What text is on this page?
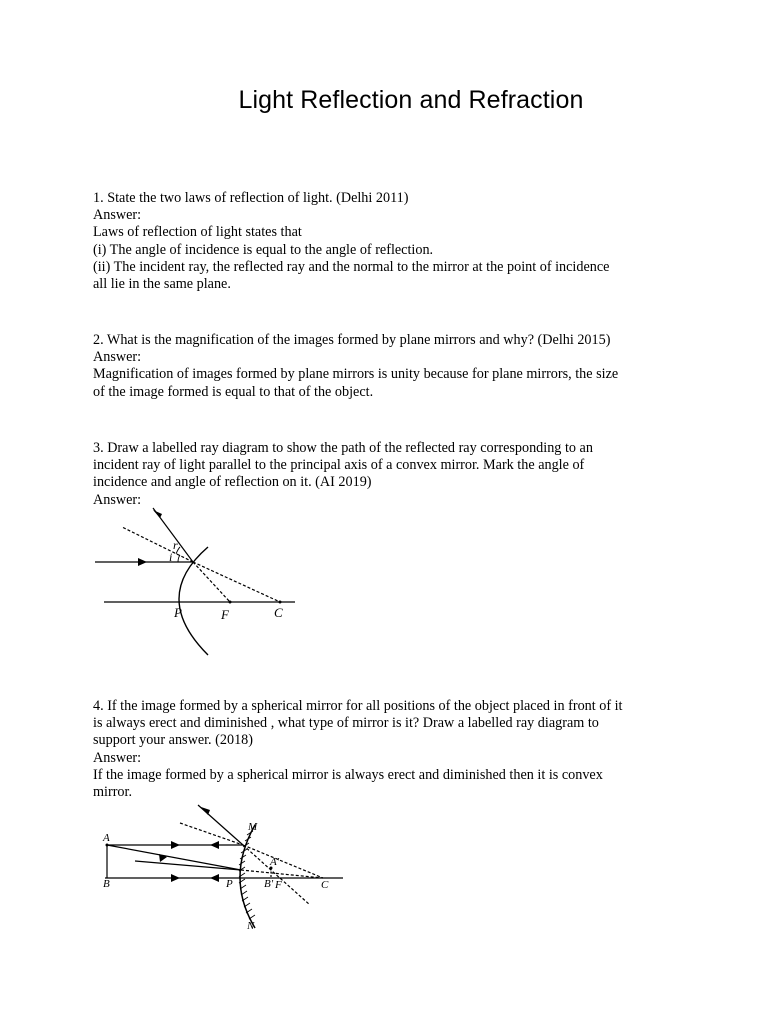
Light Reflection and Refraction

1. State the two laws of reflection of light. (Delhi 2011)

Answer:

Laws of reflection of light states that

(i) The angle of incidence is equal to the angle of reflection.

(ii) The incident ray, the reflected ray and the normal to the mirror at the point of incidence

all lie in the same plane.

2. What is the magnification of the images formed by plane mirrors and why? (Delhi 2015)

Answer:

Magnification of images formed by plane mirrors is unity because for plane mirrors, the size

of the image formed is equal to that of the object.

3. Draw a labelled ray diagram to show the path of the reflected ray corresponding to an

incident ray of light parallel to the principal axis of a convex mirror. Mark the angle of

incidence and angle of reflection on it. (AI 2019)

Answer:

r
i
P	F	C

4. If the image formed by a spherical mirror for all positions of the object placed in front of it

is always erect and diminished , what type of mirror is it? Draw a labelled ray diagram to

support your answer. (2018)

Answer:

If the image formed by a spherical mirror is always erect and diminished then it is convex

mirror.

A
B
M
N
P
A'
B' F	C
